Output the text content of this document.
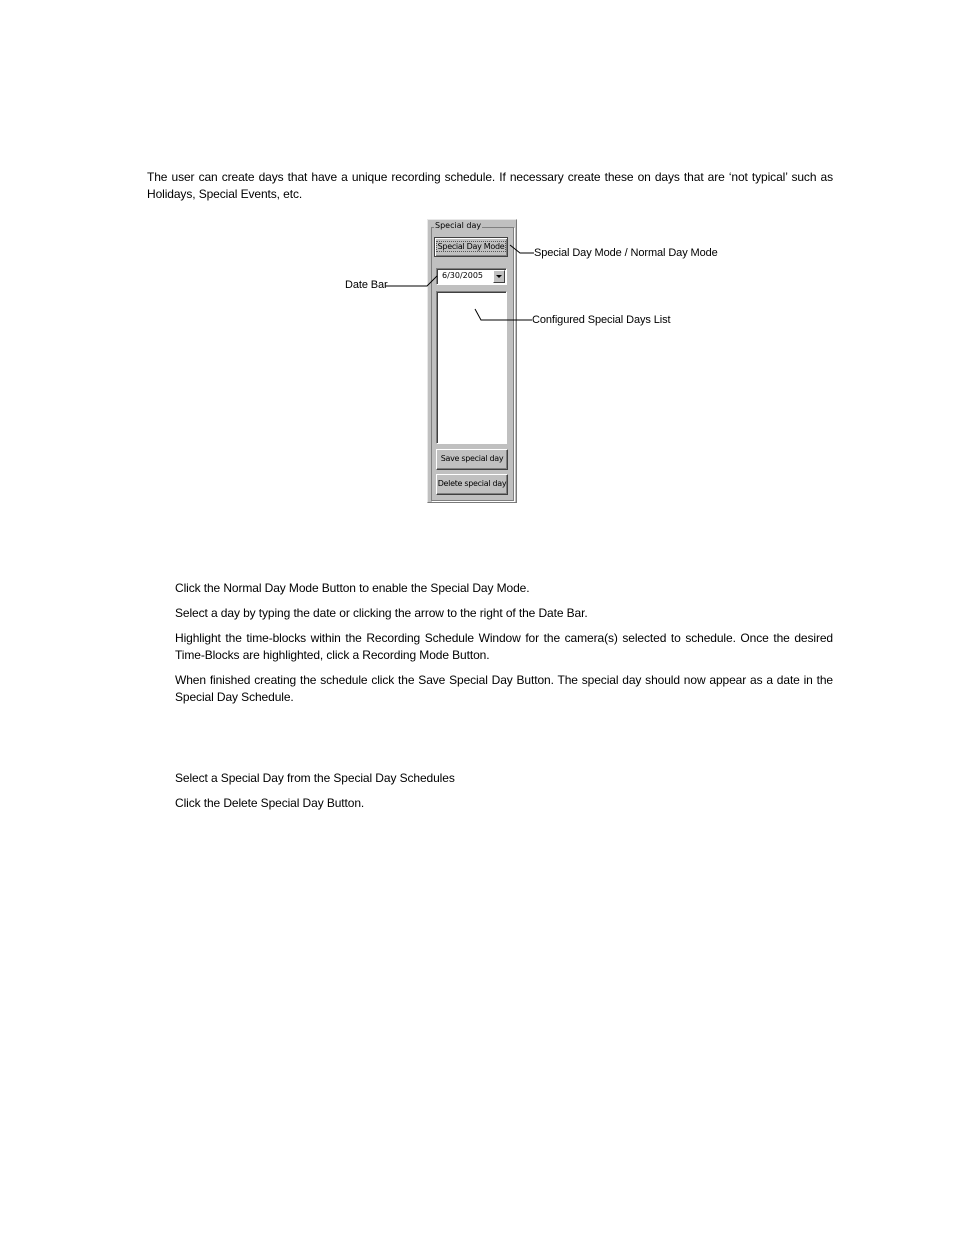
The user can create days that have a unique recording schedule. If necessary create these on days that are ‘not typical’ such as Holidays, Special Events, etc.

Special day
Special Day Mode
6/30/2005
Save special day
Delete special day
Special Day Mode / Normal Day Mode
Date Bar
Configured Special Days List

Click the Normal Day Mode Button to enable the Special Day Mode.

Select a day by typing the date or clicking the arrow to the right of the Date Bar.

Highlight the time-blocks within the Recording Schedule Window for the camera(s) selected to schedule. Once the desired Time-Blocks are highlighted, click a Recording Mode Button.

When finished creating the schedule click the Save Special Day Button. The special day should now appear as a date in the Special Day Schedule.

Select a Special Day from the Special Day Schedules

Click the Delete Special Day Button.
